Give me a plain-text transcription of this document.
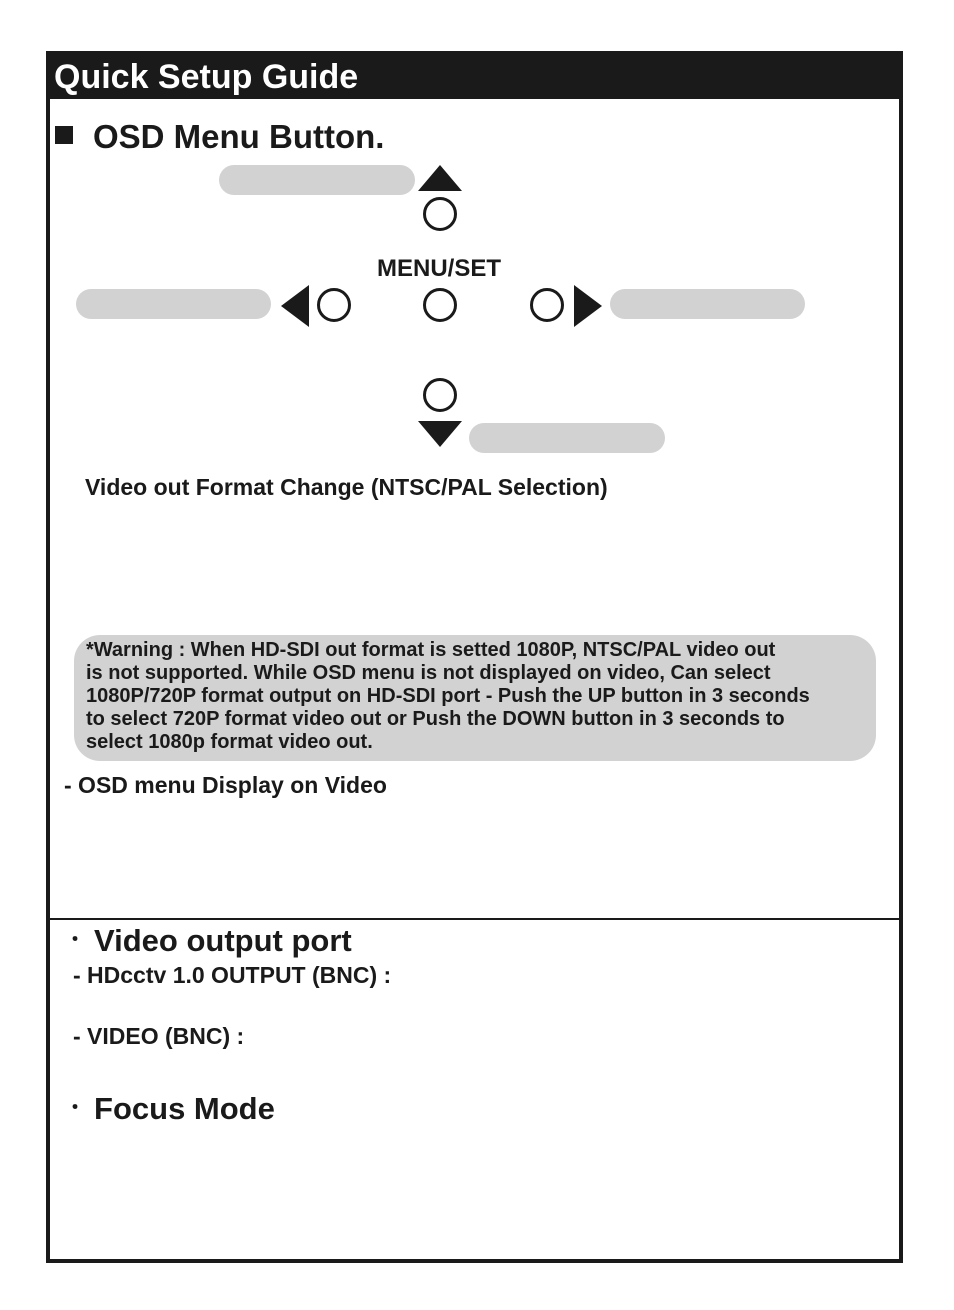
Quick Setup Guide
OSD Menu Button.
MENU/SET
Video out Format Change (NTSC/PAL Selection)
*Warning : When HD-SDI out format is setted 1080P, NTSC/PAL video out
is not supported. While OSD menu is not displayed on video, Can select
1080P/720P format output on HD-SDI port - Push the UP button in 3 seconds
to select 720P format video out or Push the DOWN button in 3 seconds to
select 1080p format video out.
- OSD menu Display on Video
・ Video output port
- HDcctv 1.0 OUTPUT (BNC) :
- VIDEO (BNC) :
・ Focus Mode
